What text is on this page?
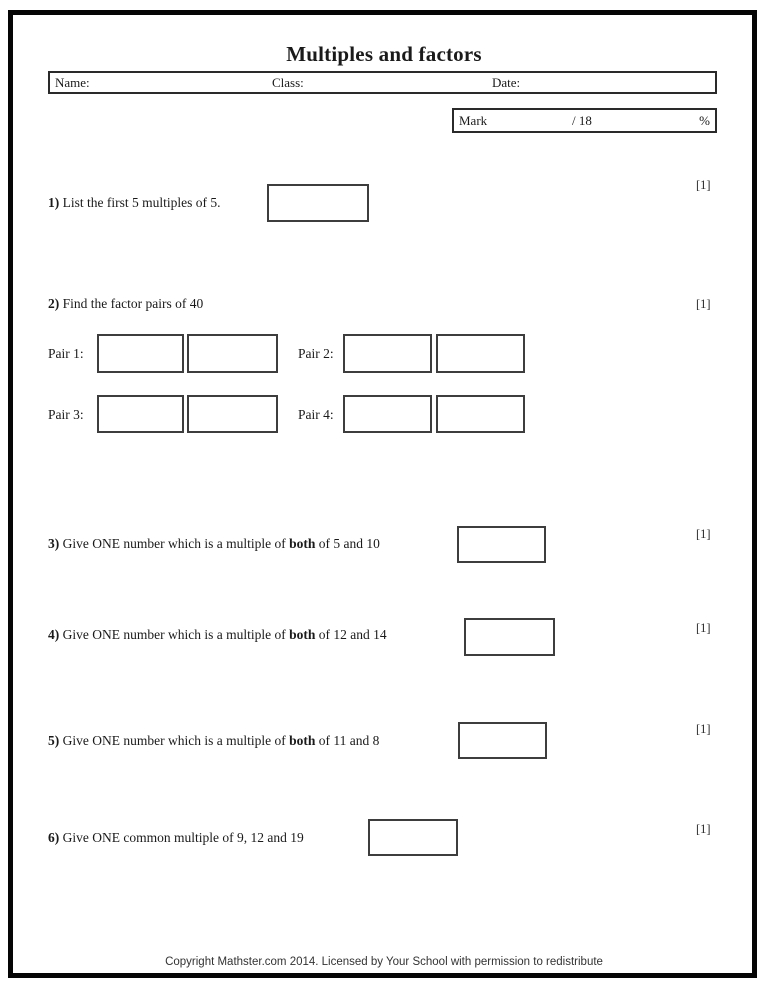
Multiples and factors
Name:	Class:	Date:
Mark	/ 18	%
1) List the first 5 multiples of 5.
[1]
2) Find the factor pairs of 40	[1]
Pair 1:	Pair 2:
Pair 3:	Pair 4:
3) Give ONE number which is a multiple of both of 5 and 10
[1]
4) Give ONE number which is a multiple of both of 12 and 14	[1]
5) Give ONE number which is a multiple of both of 11 and 8
[1]
6) Give ONE common multiple of 9, 12 and 19
[1]
Copyright Mathster.com 2014. Licensed by Your School with permission to redistribute
